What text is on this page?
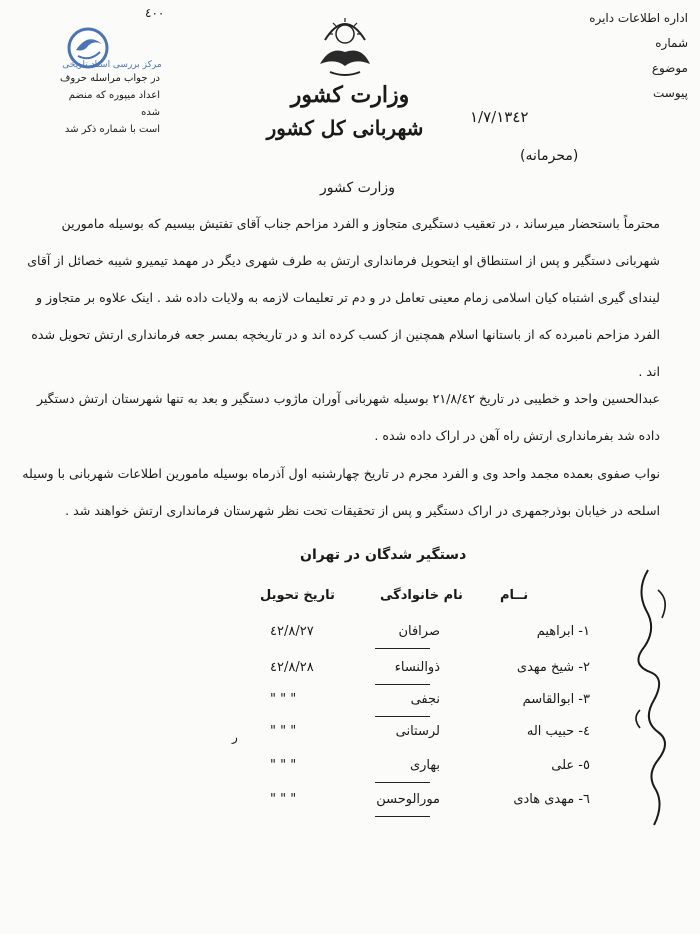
٤٠٠
مرکز بررسی اسناد تاریخی
در جواب مراسله حروف
اعداد میپوره که منضم شده
است با شماره ذکر شد
وزارت کشور
شهربانی کل کشور
اداره اطلاعات دایره
شماره
موضوع
پیوست
١/٧/١٣٤٢
(محرمانه)
وزارت کشور
محترماً باستحضار میرساند ، در تعقیب دستگیری متجاوز و الفرد مزاحم جناب آقای تفتیش بیسیم که بوسیله مامورین شهربانی دستگیر و پس از استنطاق او ایتحویل فرمانداری ارتش به طرف شهری دیگر در مهمد تیمیرو شیبه خصائل از آقای لیندای گیری اشتباه کیان اسلامی زمام معینی تعامل در و دم تر تعلیمات لازمه به ولایات داده شد . اینک علاوه بر متجاوز و الفرد مزاحم نامبرده که از باستانها اسلام همچنین از کسب کرده اند و در تاریخچه بمسر جعه فرمانداری ارتش تحویل شده اند .
عبدالحسین واحد و خطیبی در تاریخ ٢١/٨/٤٢ بوسیله شهربانی آوران ماژوب دستگیر و بعد به تنها شهرستان ارتش دستگیر داده شد بفرمانداری ارتش راه آهن در اراک داده شده .
نواب صفوی بعمده مجمد واحد وی و الفرد مجرم در تاریخ چهارشنبه اول آذرماه بوسیله مامورین اطلاعات شهربانی با وسیله اسلحه در خیابان بوذرجمهری در اراک دستگیر و پس از تحقیقات تحت نظر شهرستان فرمانداری ارتش خواهند شد .
دستگیر شدگان در تهران
نــام
نام خانوادگی
تاریخ تحویل
١- ابراهیم
صرافان
٤٢/٨/٢٧
٢- شیخ مهدی
ذوالنساء
٤٢/٨/٢٨
٣- ابوالقاسم
نجفی
" " "
٤- حبیب اله
لرستانی
" " "
٥- علی
بهاری
" " "
٦- مهدی هادی
مورالوحسن
" " "
ر
